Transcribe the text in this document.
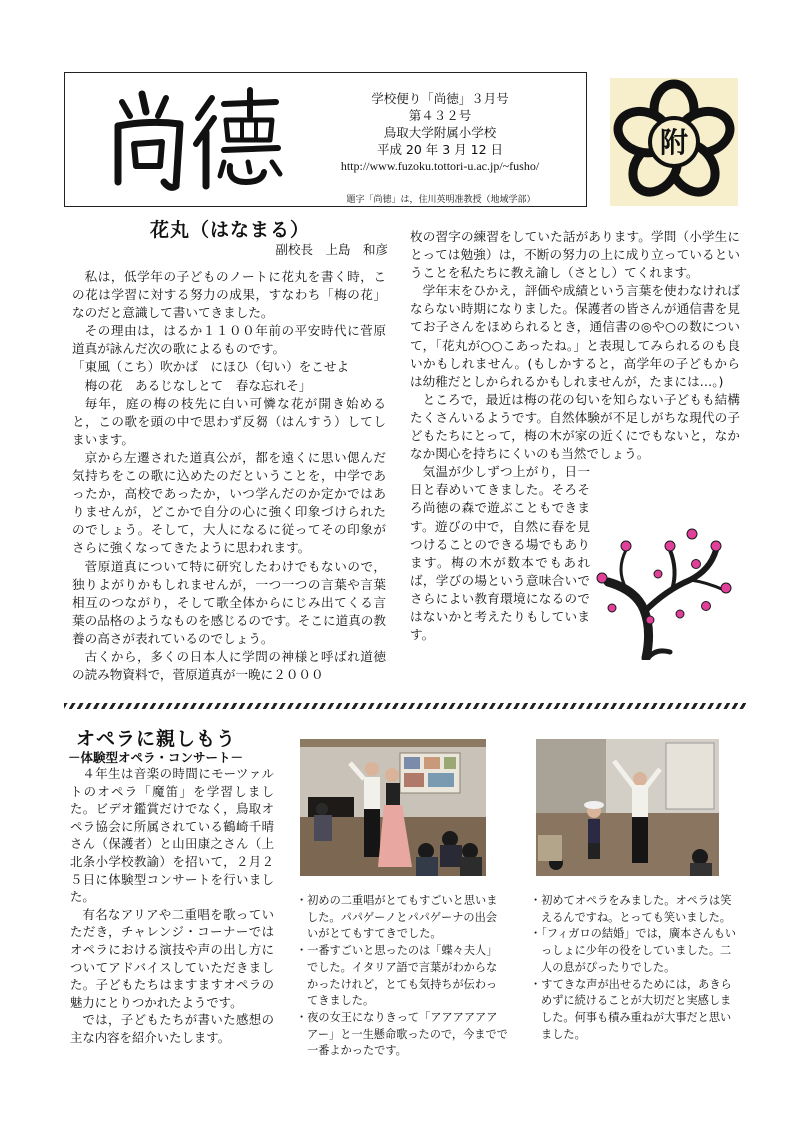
尚徳
学校便り「尚徳」３月号
第４３２号
鳥取大学附属小学校
平成 20 年 3 月 12 日
http://www.fuzoku.tottori-u.ac.jp/~fusho/
題字「尚徳」は，住川英明准教授（地域学部）
附
花丸（はなまる）
副校長　上島　和彦

私は，低学年の子どものノートに花丸を書く時，この花は学習に対する努力の成果，すなわち「梅の花」なのだと意識して書いてきました。

その理由は，はるか１１００年前の平安時代に菅原道真が詠んだ次の歌によるものです。

「東風（こち）吹かば　にほひ（匂い）をこせよ

　梅の花　あるじなしとて　春な忘れそ」

毎年，庭の梅の枝先に白い可憐な花が開き始めると，この歌を頭の中で思わず反芻（はんすう）してしまいます。

京から左遷された道真公が，都を遠くに思い偲んだ気持ちをこの歌に込めたのだということを，中学であったか，高校であったか，いつ学んだのか定かではありませんが，どこかで自分の心に強く印象づけられたのでしょう。そして，大人になるに従ってその印象がさらに強くなってきたように思われます。

菅原道真について特に研究したわけでもないので，独りよがりかもしれませんが，一つ一つの言葉や言葉相互のつながり，そして歌全体からにじみ出てくる言葉の品格のようなものを感じるのです。そこに道真の教養の高さが表れているのでしょう。

古くから，多くの日本人に学問の神様と呼ばれ道徳の読み物資料で，菅原道真が一晩に２０００

枚の習字の練習をしていた話があります。学問（小学生にとっては勉強）は，不断の努力の上に成り立っているということを私たちに教え諭し（さとし）てくれます。

学年末をひかえ，評価や成績という言葉を使わなければならない時期になりました。保護者の皆さんが通信書を見てお子さんをほめられるとき，通信書の◎や○の数について，「花丸が○○こあったね。」と表現してみられるのも良いかもしれません。(もしかすると，高学年の子どもからは幼稚だとしかられるかもしれませんが，たまには…。)

ところで，最近は梅の花の匂いを知らない子どもも結構たくさんいるようです。自然体験が不足しがちな現代の子どもたちにとって，梅の木が家の近くにでもないと，なかなか関心を持ちにくいのも当然でしょう。

気温が少しずつ上がり，日一日と春めいてきました。そろそろ尚徳の森で遊ぶこともできます。遊びの中で，自然に春を見つけることのできる場でもあります。梅の木が数本でもあれば，学びの場という意味合いでさらによい教育環境になるのではないかと考えたりもしています。

オペラに親しもう
－体験型オペラ・コンサート－

４年生は音楽の時間にモーツァルトのオペラ「魔笛」を学習しました。ビデオ鑑賞だけでなく，鳥取オペラ協会に所属されている鶴崎千晴さん（保護者）と山田康之さん（上北条小学校教諭）を招いて，２月２５日に体験型コンサートを行いました。

有名なアリアや二重唱を歌っていただき，チャレンジ・コーナーではオペラにおける演技や声の出し方についてアドバイスしていただきました。子どもたちはますますオペラの魅力にとりつかれたようです。

では，子どもたちが書いた感想の主な内容を紹介いたします。

・初めの二重唱がとてもすごいと思いました。パパゲーノとパパゲーナの出会いがとてもすてきでした。
・一番すごいと思ったのは「蝶々夫人」でした。イタリア語で言葉がわからなかったけれど，とても気持ちが伝わってきました。
・夜の女王になりきって「アアアアアアアー」と一生懸命歌ったので，今までで一番よかったです。
・初めてオペラをみました。オペラは笑えるんですね。とっても笑いました。
・「フィガロの結婚」では，廣本さんもいっしょに少年の役をしていました。二人の息がぴったりでした。
・すてきな声が出せるためには，あきらめずに続けることが大切だと実感しました。何事も積み重ねが大事だと思いました。
